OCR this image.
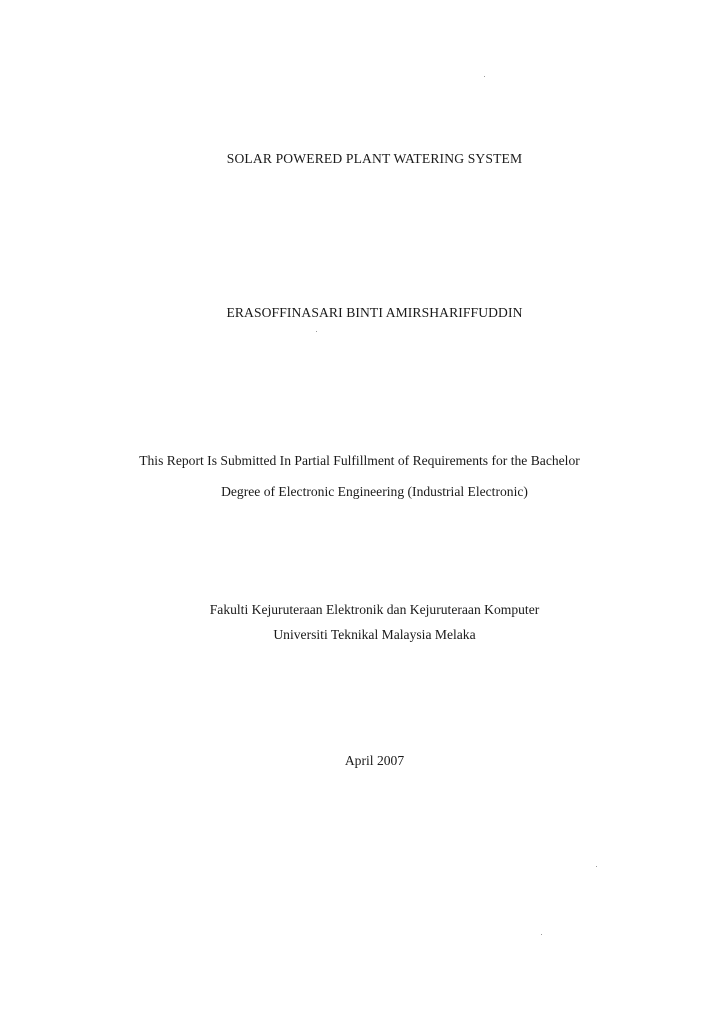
SOLAR POWERED PLANT WATERING SYSTEM
ERASOFFINASARI BINTI AMIRSHARIFFUDDIN
This Report Is Submitted In Partial Fulfillment of Requirements for the Bachelor
Degree of Electronic Engineering (Industrial Electronic)
Fakulti Kejuruteraan Elektronik dan Kejuruteraan Komputer
Universiti Teknikal Malaysia Melaka
April 2007
